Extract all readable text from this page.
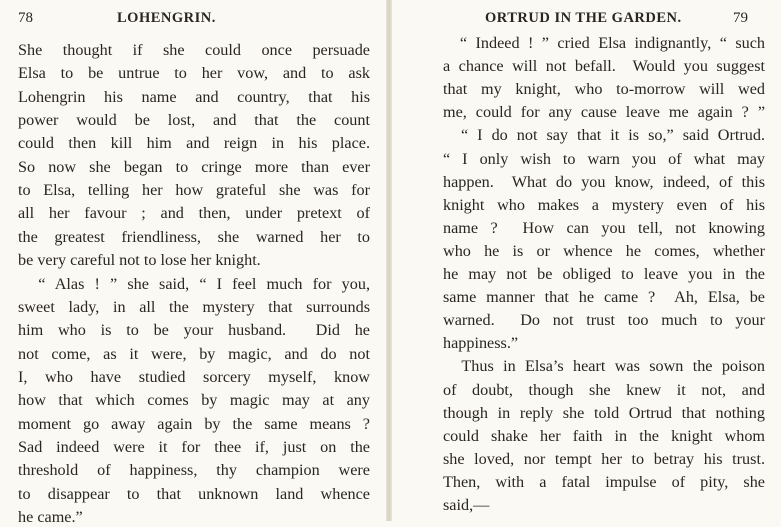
78	LOHENGRIN.
She thought if she could once persuade
Elsa to be untrue to her vow, and to ask
Lohengrin his name and country, that his
power would be lost, and that the count
could then kill him and reign in his place.
So now she began to cringe more than ever
to Elsa, telling her how grateful she was for
all her favour ; and then, under pretext of
the greatest friendliness, she warned her to
be very careful not to lose her knight.
“ Alas ! ” she said, “ I feel much for you,
sweet lady, in all the mystery that surrounds
him who is to be your husband.  Did he
not come, as it were, by magic, and do not
I, who have studied sorcery myself, know
how that which comes by magic may at any
moment go away again by the same means ?
Sad indeed were it for thee if, just on the
threshold of happiness, thy champion were
to disappear to that unknown land whence
he came.”
ORTRUD IN THE GARDEN.	79
“ Indeed ! ” cried Elsa indignantly, “ such
a chance will not befall.  Would you suggest
that my knight, who to-morrow will wed
me, could for any cause leave me again ? ”
“ I do not say that it is so,” said Ortrud.
“ I only wish to warn you of what may
happen.  What do you know, indeed, of this
knight who makes a mystery even of his
name ?  How can you tell, not knowing
who he is or whence he comes, whether
he may not be obliged to leave you in the
same manner that he came ?  Ah, Elsa, be
warned.  Do not trust too much to your
happiness.”
Thus in Elsa’s heart was sown the poison
of doubt, though she knew it not, and
though in reply she told Ortrud that nothing
could shake her faith in the knight whom
she loved, nor tempt her to betray his trust.
Then, with a fatal impulse of pity, she
said,—
